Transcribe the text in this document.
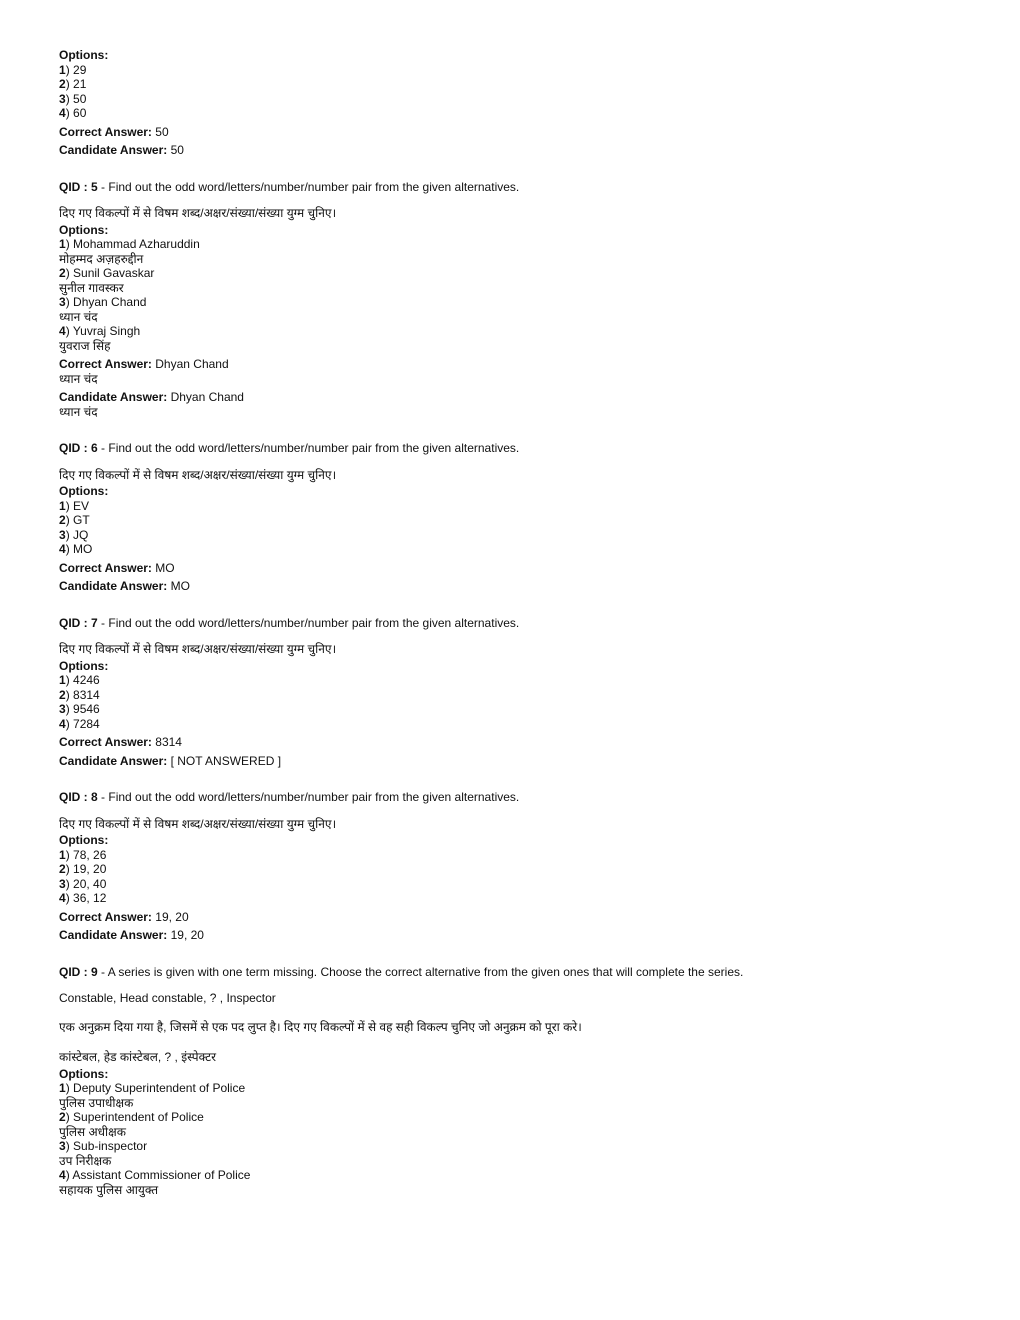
Options:
1) 29
2) 21
3) 50
4) 60
Correct Answer: 50
Candidate Answer: 50
QID : 5 - Find out the odd word/letters/number/number pair from the given alternatives.
दिए गए विकल्पों में से विषम शब्द/अक्षर/संख्या/संख्या युग्म चुनिए।
Options:
1) Mohammad Azharuddin
मोहम्मद अज़हरुद्दीन
2) Sunil Gavaskar
सुनील गावस्कर
3) Dhyan Chand
ध्यान चंद
4) Yuvraj Singh
युवराज सिंह
Correct Answer: Dhyan Chand
ध्यान चंद
Candidate Answer: Dhyan Chand
ध्यान चंद
QID : 6 - Find out the odd word/letters/number/number pair from the given alternatives.
दिए गए विकल्पों में से विषम शब्द/अक्षर/संख्या/संख्या युग्म चुनिए।
Options:
1) EV
2) GT
3) JQ
4) MO
Correct Answer: MO
Candidate Answer: MO
QID : 7 - Find out the odd word/letters/number/number pair from the given alternatives.
दिए गए विकल्पों में से विषम शब्द/अक्षर/संख्या/संख्या युग्म चुनिए।
Options:
1) 4246
2) 8314
3) 9546
4) 7284
Correct Answer: 8314
Candidate Answer: [ NOT ANSWERED ]
QID : 8 - Find out the odd word/letters/number/number pair from the given alternatives.
दिए गए विकल्पों में से विषम शब्द/अक्षर/संख्या/संख्या युग्म चुनिए।
Options:
1) 78, 26
2) 19, 20
3) 20, 40
4) 36, 12
Correct Answer: 19, 20
Candidate Answer: 19, 20
QID : 9 - A series is given with one term missing. Choose the correct alternative from the given ones that will complete the series.
Constable, Head constable, ? , Inspector
एक अनुक्रम दिया गया है, जिसमें से एक पद लुप्त है। दिए गए विकल्पों में से वह सही विकल्प चुनिए जो अनुक्रम को पूरा करे।
कांस्टेबल, हेड कांस्टेबल, ? , इंस्पेक्टर
Options:
1) Deputy Superintendent of Police
पुलिस उपाधीक्षक
2) Superintendent of Police
पुलिस अधीक्षक
3) Sub-inspector
उप निरीक्षक
4) Assistant Commissioner of Police
सहायक पुलिस आयुक्त
